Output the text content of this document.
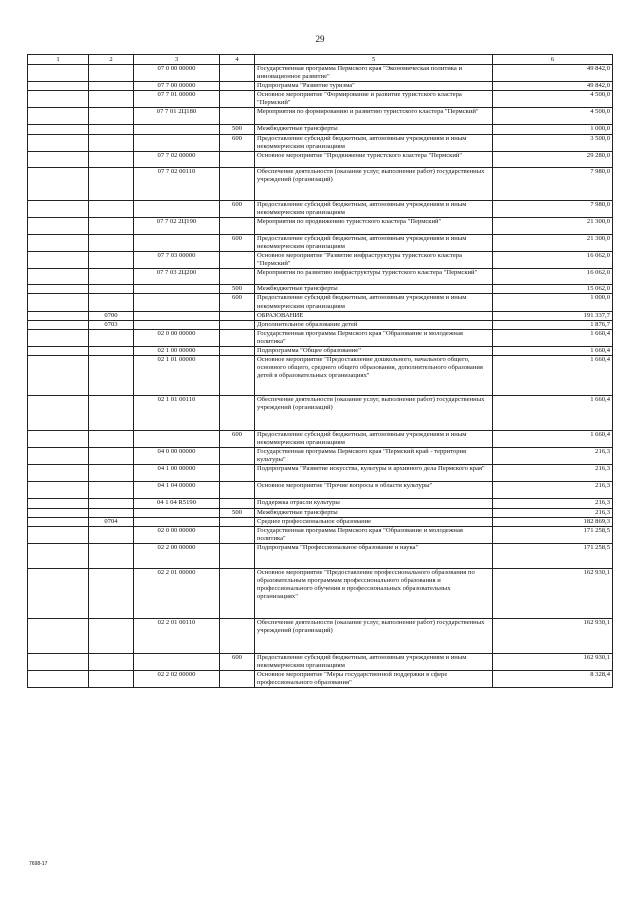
29
1	2	3	4	5	6
		07 0 00 00000		Государственная программа Пермского края "Экономическая политика и инновационное развитие"	49 842,0
		07 7 00 00000		Подпрограмма "Развитие туризма"	49 842,0
		07 7 01 00000		Основное мероприятие "Формирование и развитие туристского кластера "Пермский"	4 500,0
		07 7 01 2Ц180		Мероприятия по формированию и развитию туристского кластера "Пермский"	4 500,0
			500	Межбюджетные трансферты	1 000,0
			600	Предоставление субсидий бюджетным, автономным учреждениям и иным некоммерческим организациям	3 500,0
		07 7 02 00000		Основное мероприятие "Продвижение туристского кластера "Пермский"	29 280,0
		07 7 02 00110		Обеспечение деятельности (оказание услуг, выполнение работ) государственных учреждений (организаций)	7 980,0
			600	Предоставление субсидий бюджетным, автономным учреждениям и иным некоммерческим организациям	7 980,0
		07 7 02 2Ц190		Мероприятия по продвижению туристского кластера "Пермский"	21 300,0
			600	Предоставление субсидий бюджетным, автономным учреждениям и иным некоммерческим организациям	21 300,0
		07 7 03 00000		Основное мероприятие "Развитие инфраструктуры туристского кластера "Пермский"	16 062,0
		07 7 03 2Ц200		Мероприятия по развитию инфраструктуры туристского кластера "Пермский"	16 062,0
			500	Межбюджетные трансферты	15 062,0
			600	Предоставление субсидий бюджетным, автономным учреждениям и иным некоммерческим организациям	1 000,0
	0700			ОБРАЗОВАНИЕ	191 337,7
	0703			Дополнительное образование детей	1 876,7
		02 0 00 00000		Государственная программа Пермского края "Образование и молодежная политика"	1 660,4
		02 1 00 00000		Подпрограмма "Общее образование"	1 660,4
		02 1 01 00000		Основное мероприятие "Предоставление дошкольного, начального общего, основного общего, среднего общего образования, дополнительного образования детей в образовательных организациях"	1 660,4
		02 1 01 00110		Обеспечение деятельности (оказание услуг, выполнение работ) государственных учреждений (организаций)	1 660,4
			600	Предоставление субсидий бюджетным, автономным учреждениям и иным некоммерческим организациям	1 660,4
		04 0 00 00000		Государственная программа Пермского края "Пермский край - территория культуры"	216,3
		04 1 00 00000		Подпрограмма "Развитие искусства, культуры и архивного дела Пермского края"	216,3
		04 1 04 00000		Основное мероприятие "Прочие вопросы в области культуры"	216,3
		04 1 04 R5190		Поддержка отрасли культуры	216,3
			500	Межбюджетные трансферты	216,3
	0704			Среднее профессиональное образование	182 869,3
		02 0 00 00000		Государственная программа Пермского края "Образование и молодежная политика"	171 258,5
		02 2 00 00000		Подпрограмма "Профессиональное образование и наука"	171 258,5
		02 2 01 00000		Основное мероприятие "Предоставление профессионального образования по образовательным программам профессионального образования и профессионального обучения в профессиональных образовательных организациях"	162 930,1
		02 2 01 00110		Обеспечение деятельности (оказание услуг, выполнение работ) государственных учреждений (организаций)	162 930,1
			600	Предоставление субсидий бюджетным, автономным учреждениям и иным некоммерческим организациям	162 930,1
		02 2 02 00000		Основное мероприятие "Меры государственной поддержки в сфере профессионального образования"	8 328,4
7698-17
